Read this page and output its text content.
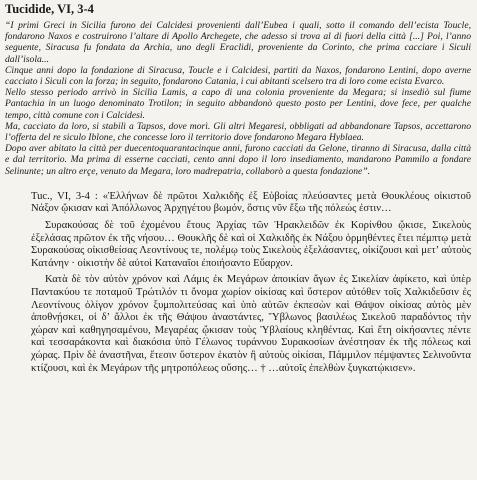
Tucidide, VI, 3-4

“I primi Greci in Sicilia furono dei Calcidesi provenienti dall’Eubea i quali, sotto il comando dell’ecista Toucle, fondarono Naxos e costruirono l’altare di Apollo Archegete, che adesso si trova al di fuori della città [...] Poi, l’anno seguente, Siracusa fu fondata da Archia, uno degli Eraclidi, proveniente da Corinto, che prima cacciare i Siculi dall’isola...

Cinque anni dopo la fondazione di Siracusa, Toucle e i Calcidesi, partiti da Naxos, fondarono Lentini, dopo averne cacciato i Siculi con la forza; in seguito, fondarono Catania, i cui abitanti scelsero tra di loro come ecista Evarco.

Nello stesso periodo arrivò in Sicilia Lamis, a capo di una colonia proveniente da Megara; si insediò sul fiume Pantachia in un luogo denominato Trotilon; in seguito abbandonò questo posto per Lentini, dove fece, per qualche tempo, città comune con i Calcidesi.

Ma, cacciato da loro, si stabilì a Tapsos, dove morì. Gli altri Megaresi, obbligati ad abbandonare Tapsos, accettarono l’offerta del re siculo Iblone, che concesse loro il territorio dove fondarono Megara Hyblaea.

Dopo aver abitato la città per duecentoquarantacinque anni, furono cacciati da Gelone, tiranno di Siracusa, dalla città e dal territorio. Ma prima di esserne cacciati, cento anni dopo il loro insediamento, mandarono Pammilo a fondare Selinunte; un altro erçe, venuto da Megara, loro madrepatria, collaborò a questa fondazione”.

Tuc., VI, 3-4 : «Ἑλλήνων δὲ πρῶτοι Χαλκιδῆς ἐξ Εὐβοίας πλεύσαντες μετὰ Θουκλέους οἰκιστοῦ Νάξον ᾤκισαν καὶ Ἀπόλλωνος Ἀρχηγέτου βωμόν, ὅστις νῦν ἔξω τῆς πόλεώς ἐστιν…

Συρακούσας δὲ τοῦ ἐχομένου ἔτους Ἀρχίας τῶν Ἡρακλειδῶν ἐκ Κορίνθου ᾤκισε, Σικελοὺς ἐξελάσας πρῶτον ἐκ τῆς νήσου… Θουκλῆς δὲ καὶ οἱ Χαλκιδῆς ἐκ Νάξου ὁρμηθέντες ἔτει πέμπτῳ μετὰ Συρακούσας οἰκισθείσας Λεοντίνους τε, πολέμῳ τοὺς Σικελοὺς ἐξελάσαντες, οἰκίζουσι καὶ μετ’ αὐτοὺς Κατάνην · οἰκιστὴν δὲ αὐτοὶ Καταναῖοι ἐποιήσαντο Εὔαρχον.

Κατὰ δὲ τὸν αὐτὸν χρόνον καὶ Λάμις ἐκ Μεγάρων ἀποικίαν ἄγων ἐς Σικελίαν ἀφίκετο, καὶ ὑπὲρ Παντακύου τε ποταμοῦ Τρώτιλόν τι ὄνομα χωρίον οἰκίσας καὶ ὕστερον αὐτόθεν τοῖς Χαλκιδεῦσιν ἐς Λεοντίνους ὀλίγον χρόνον ξυμπολιτεύσας καὶ ὑπὸ αὐτῶν ἐκπεσὼν καὶ Θάψον οἰκίσας αὐτὸς μὲν ἀποθνῄσκει, οἱ δ’ ἄλλοι ἐκ τῆς Θάψου ἀναστάντες, Ὕβλωνος βασιλέως Σικελοῦ παραδόντος τὴν χώραν καὶ καθηγησαμένου, Μεγαρέας ᾤκισαν τοὺς Ὑβλαίους κληθέντας. Καὶ ἔτη οἰκήσαντες πέντε καὶ τεσσαράκοντα καὶ διακόσια ὑπὸ Γέλωνος τυράννου Συρακοσίων ἀνέστησαν ἐκ τῆς πόλεως καὶ χώρας. Πρὶν δὲ ἀναστῆναι, ἔτεσιν ὕστερον ἑκατὸν ἢ αὐτοὺς οἰκίσαι, Πάμμιλον πέμψαντες Σελινοῦντα κτίζουσι, καὶ ἐκ Μεγάρων τῆς μητροπόλεως οὔσης… † …αὐτοῖς ἐπελθὼν ξυγκατῴκισεν».
